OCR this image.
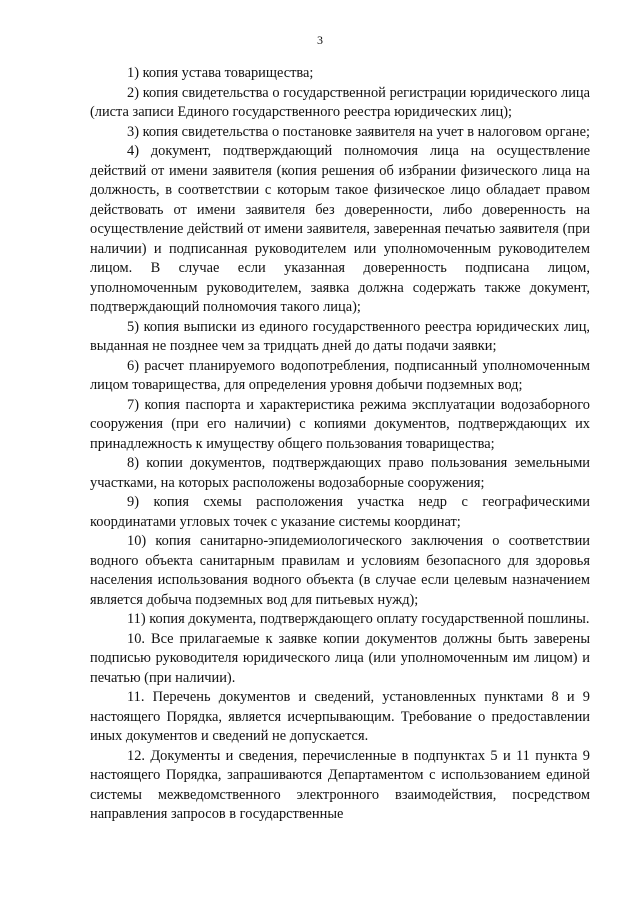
3

1) копия устава товарищества;

2) копия свидетельства о государственной регистрации юридического лица (листа записи Единого государственного реестра юридических лиц);

3) копия свидетельства о постановке заявителя на учет в налоговом органе;

4) документ, подтверждающий полномочия лица на осуществление действий от имени заявителя (копия решения об избрании физического лица на должность, в соответствии с которым такое физическое лицо обладает правом действовать от имени заявителя без доверенности, либо доверенность на осуществление действий от имени заявителя, заверенная печатью заявителя (при наличии) и подписанная руководителем или уполномоченным руководителем лицом. В случае если указанная доверенность подписана лицом, уполномоченным руководителем, заявка должна содержать также документ, подтверждающий полномочия такого лица);

5) копия выписки из единого государственного реестра юридических лиц, выданная не позднее чем за тридцать дней до даты подачи заявки;

6) расчет планируемого водопотребления, подписанный уполномоченным лицом товарищества, для определения уровня добычи подземных вод;

7) копия паспорта и характеристика режима эксплуатации водозаборного сооружения (при его наличии) с копиями документов, подтверждающих их принадлежность к имуществу общего пользования товарищества;

8) копии документов, подтверждающих право пользования земельными участками, на которых расположены водозаборные сооружения;

9) копия схемы расположения участка недр с географическими координатами угловых точек с указание системы координат;

10) копия санитарно-эпидемиологического заключения о соответствии водного объекта санитарным правилам и условиям безопасного для здоровья населения использования водного объекта (в случае если целевым назначением является добыча подземных вод для питьевых нужд);

11) копия документа, подтверждающего оплату государственной пошлины.

10. Все прилагаемые к заявке копии документов должны быть заверены подписью руководителя юридического лица (или уполномоченным им лицом) и печатью (при наличии).

11. Перечень документов и сведений, установленных пунктами 8 и 9 настоящего Порядка, является исчерпывающим. Требование о предоставлении иных документов и сведений не допускается.

12. Документы и сведения, перечисленные в подпунктах 5 и 11 пункта 9 настоящего Порядка, запрашиваются Департаментом с использованием единой системы межведомственного электронного взаимодействия, посредством направления запросов в государственные
